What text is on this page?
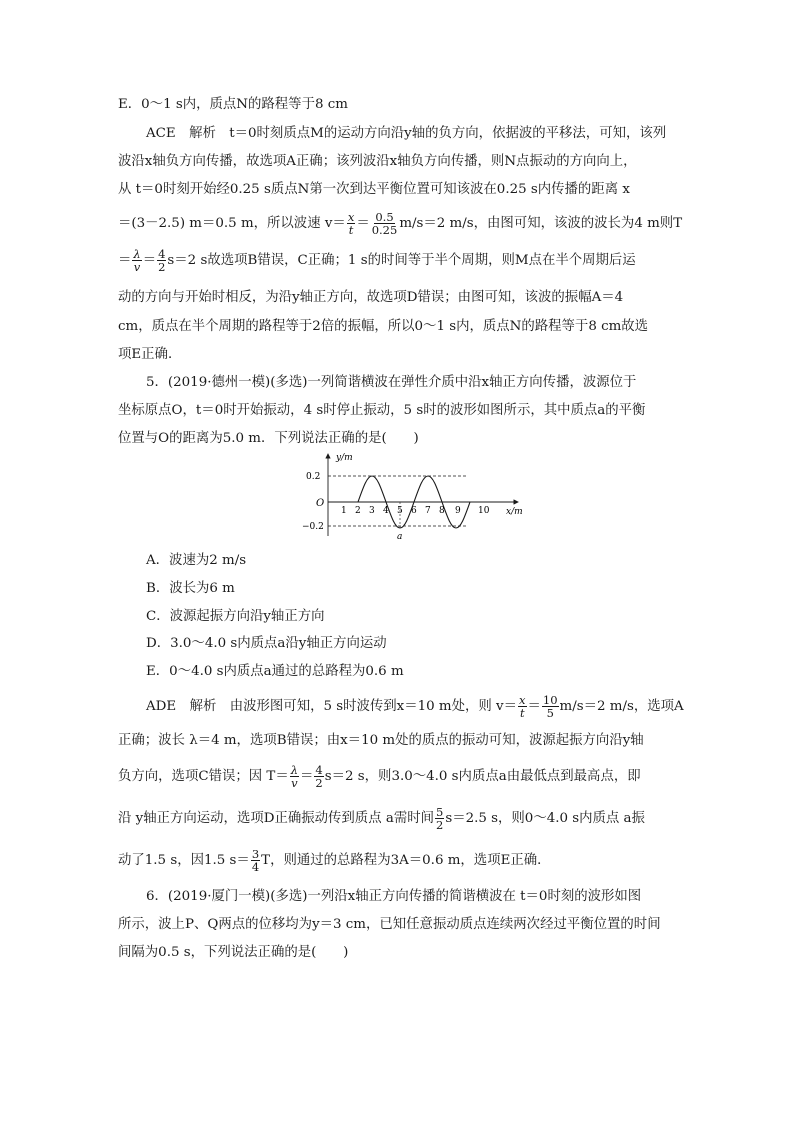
E．0～1 s内，质点N的路程等于8 cm
ACE　解析　t＝0时刻质点M的运动方向沿y轴的负方向，依据波的平移法，可知，该列
波沿x轴负方向传播，故选项A正确；该列波沿x轴负方向传播，则N点振动的方向向上，
从 t＝0时刻开始经0.25 s质点N第一次到达平衡位置可知该波在0.25 s内传播的距离 x
＝(3－2.5) m＝0.5 m，所以波速 $v= \frac{x}{t} = \frac{0.5}{0.25} m/s=2$ m/s，由图可知，该波的波长为4 m则T
＝ $\frac{\lambda}{v} = \frac{4}{2} s=2$ s故选项B错误，C正确；1 s的时间等于半个周期，则M点在半个周期后运
动的方向与开始时相反，为沿y轴正方向，故选项D错误；由图可知，该波的振幅A＝4
cm，质点在半个周期的路程等于2倍的振幅，所以0～1 s内，质点N的路程等于8 cm故选
项E正确．
5．(2019·德州一模)(多选)一列简谐横波在弹性介质中沿x轴正方向传播，波源位于
坐标原点O，t＝0时开始振动，4 s时停止振动，5 s时的波形如图所示，其中质点a的平衡
位置与O的距离为5.0 m．下列说法正确的是(　　)
y/m
x/m
O
0.2
−0.2
1 2 3 4 5 6 7 8 9 10
a
A．波速为2 m/s
B．波长为6 m
C．波源起振方向沿y轴正方向
D．3.0～4.0 s内质点a沿y轴正方向运动
E．0～4.0 s内质点a通过的总路程为0.6 m
ADE　解析　由波形图可知，5 s时波传到x＝10 m处，则 $v= \frac{x}{t} = \frac{10}{5} m/s=2$ m/s，选项A
正确；波长 λ＝4 m，选项B错误；由x＝10 m处的质点的振动可知，波源起振方向沿y轴
负方向，选项C错误；因 $T= \frac{\lambda}{v} = \frac{4}{2} s=2$ s，则3.0～4.0 s内质点a由最低点到最高点，即
沿 y轴正方向运动，选项D正确振动传到质点 a需时间 $\frac{5}{2} s=2.5$ s，则0～4.0 s内质点 a振
动了1.5 s，因1.5 $s= \frac{3}{4}$ T，则通过的总路程为3A＝0.6 m，选项E正确．
6．(2019·厦门一模)(多选)一列沿x轴正方向传播的简谐横波在 t＝0时刻的波形如图
所示，波上P、Q两点的位移均为y＝3 cm，已知任意振动质点连续两次经过平衡位置的时间
间隔为0.5 s，下列说法正确的是(　　)
